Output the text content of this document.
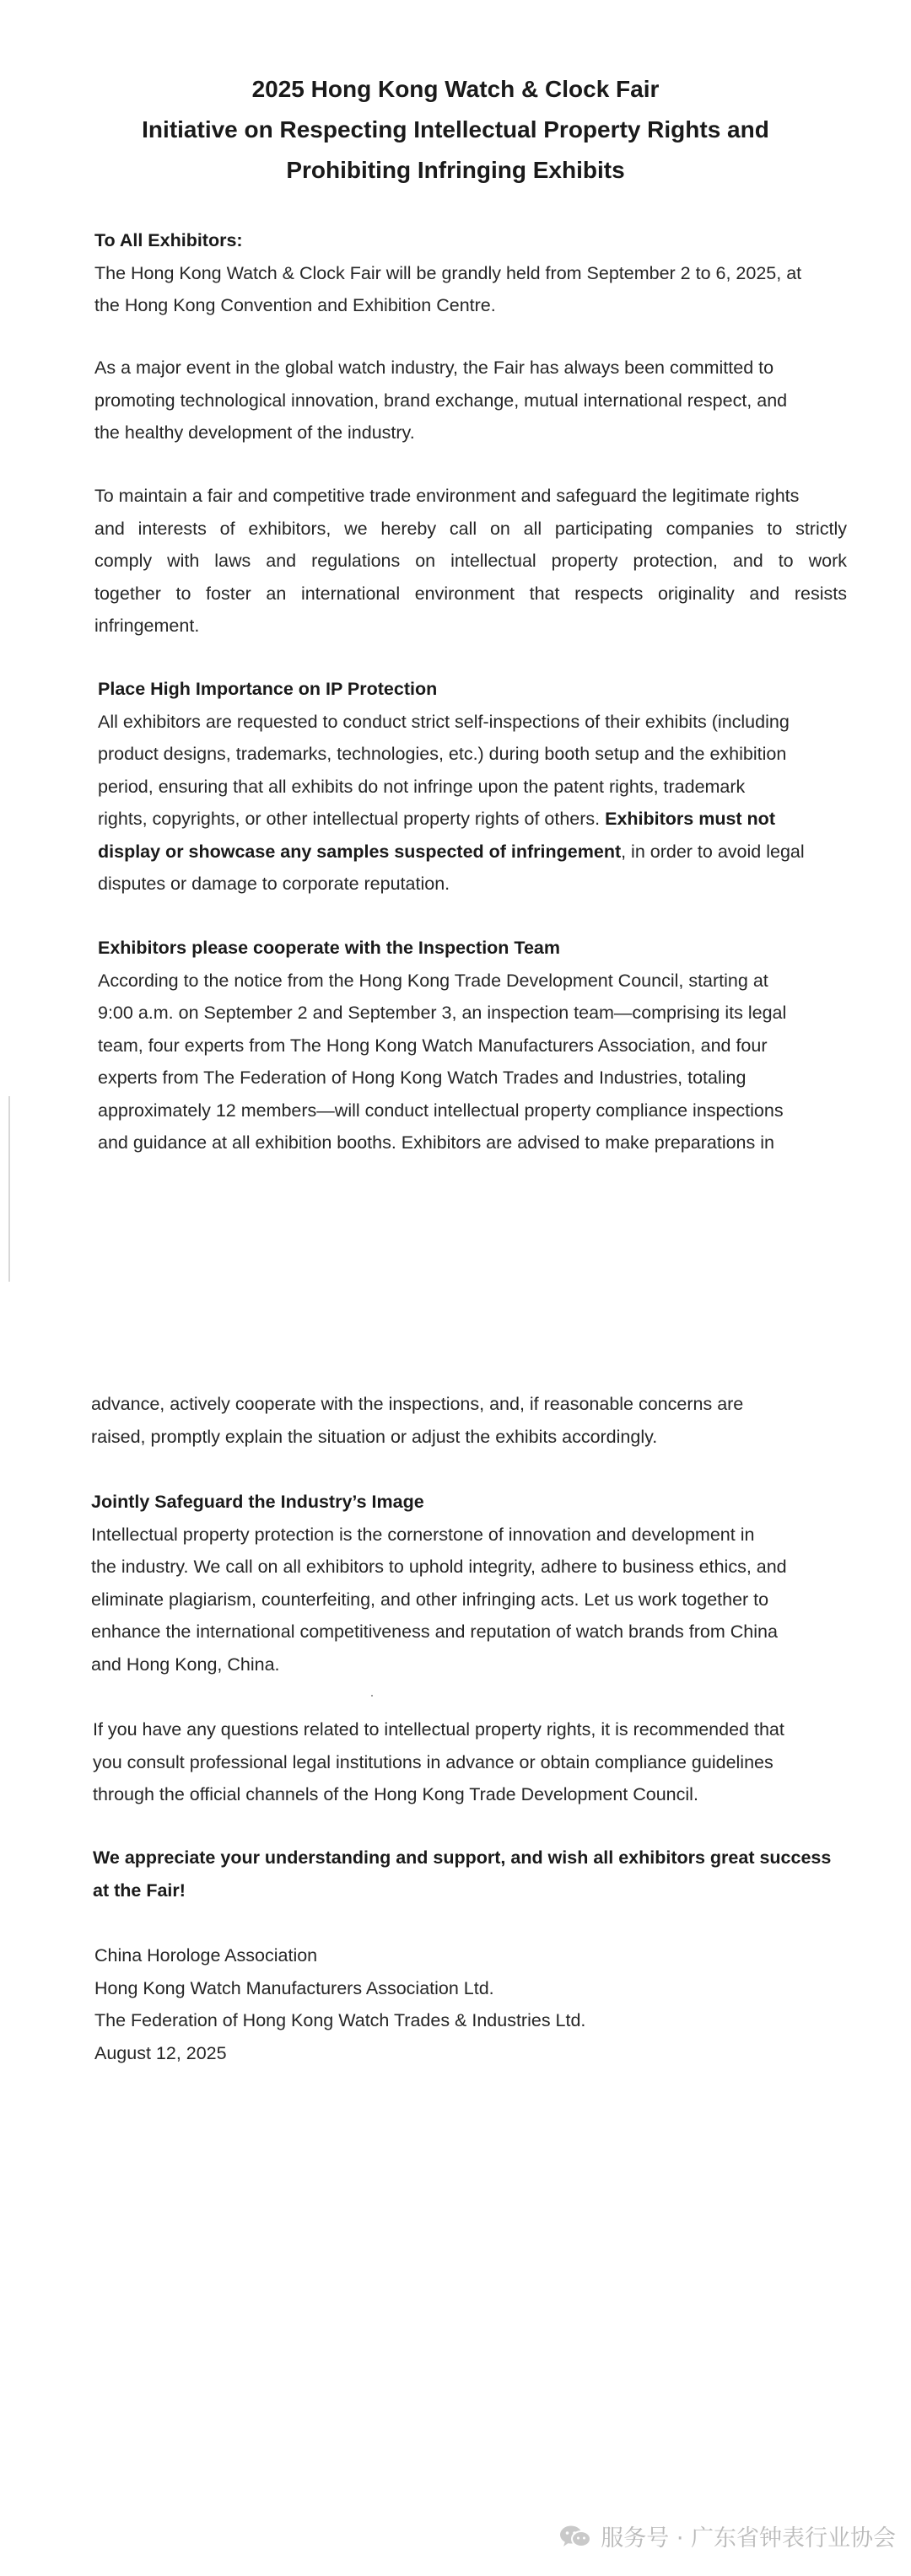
2025 Hong Kong Watch & Clock Fair
Initiative on Respecting Intellectual Property Rights and
Prohibiting Infringing Exhibits

To All Exhibitors:

The Hong Kong Watch & Clock Fair will be grandly held from September 2 to 6, 2025, at

the Hong Kong Convention and Exhibition Centre.

As a major event in the global watch industry, the Fair has always been committed to

promoting technological innovation, brand exchange, mutual international respect, and

the healthy development of the industry.

To maintain a fair and competitive trade environment and safeguard the legitimate rights

and interests of exhibitors, we hereby call on all participating companies to strictly

comply with laws and regulations on intellectual property protection, and to work

together to foster an international environment that respects originality and resists

infringement.

Place High Importance on IP Protection

All exhibitors are requested to conduct strict self-inspections of their exhibits (including

product designs, trademarks, technologies, etc.) during booth setup and the exhibition

period, ensuring that all exhibits do not infringe upon the patent rights, trademark

rights, copyrights, or other intellectual property rights of others. Exhibitors must not

display or showcase any samples suspected of infringement, in order to avoid legal

disputes or damage to corporate reputation.

Exhibitors please cooperate with the Inspection Team

According to the notice from the Hong Kong Trade Development Council, starting at

9:00 a.m. on September 2 and September 3, an inspection team—comprising its legal

team, four experts from The Hong Kong Watch Manufacturers Association, and four

experts from The Federation of Hong Kong Watch Trades and Industries, totaling

approximately 12 members—will conduct intellectual property compliance inspections

and guidance at all exhibition booths. Exhibitors are advised to make preparations in

advance, actively cooperate with the inspections, and, if reasonable concerns are

raised, promptly explain the situation or adjust the exhibits accordingly.

Jointly Safeguard the Industry’s Image

Intellectual property protection is the cornerstone of innovation and development in

the industry. We call on all exhibitors to uphold integrity, adhere to business ethics, and

eliminate plagiarism, counterfeiting, and other infringing acts. Let us work together to

enhance the international competitiveness and reputation of watch brands from China

and Hong Kong, China.

If you have any questions related to intellectual property rights, it is recommended that

you consult professional legal institutions in advance or obtain compliance guidelines

through the official channels of the Hong Kong Trade Development Council.

We appreciate your understanding and support, and wish all exhibitors great success

at the Fair!

China Horologe Association

Hong Kong Watch Manufacturers Association Ltd.

The Federation of Hong Kong Watch Trades & Industries Ltd.

August 12, 2025

服务号 · 广东省钟表行业协会
